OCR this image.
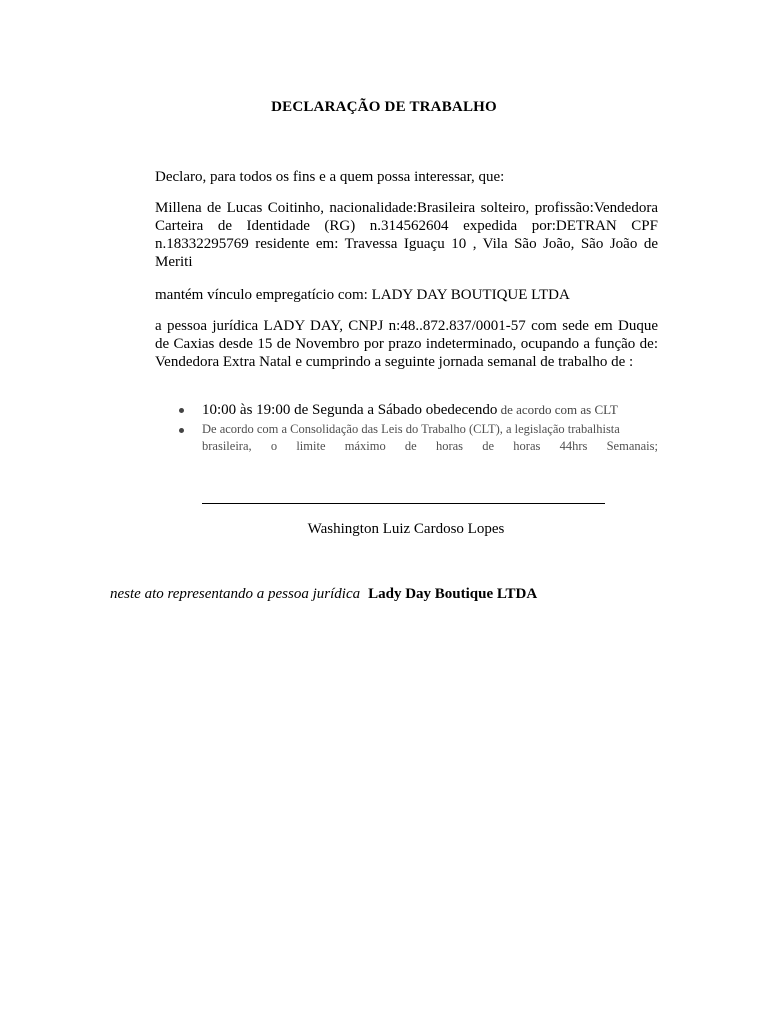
DECLARAÇÃO DE TRABALHO
Declaro, para todos os fins e a quem possa interessar, que:
Millena de Lucas Coitinho, nacionalidade:Brasileira solteiro, profissão:Vendedora Carteira de Identidade (RG) n.314562604 expedida por:DETRAN CPF n.18332295769 residente em: Travessa Iguaçu 10 , Vila São João, São João de Meriti
mantém vínculo empregatício com: LADY DAY BOUTIQUE LTDA
a pessoa jurídica LADY DAY, CNPJ n:48..872.837/0001-57 com sede em Duque de Caxias desde 15 de Novembro por prazo indeterminado, ocupando a função de: Vendedora Extra Natal e cumprindo a seguinte jornada semanal de trabalho de :
10:00 às 19:00 de Segunda a Sábado obedecendo de acordo com as CLT
De acordo com a Consolidação das Leis do Trabalho (CLT), a legislação trabalhista
brasileira, o limite máximo de horas de horas 44hrs Semanais;
Washington Luiz Cardoso Lopes
neste ato representando a pessoa jurídica Lady Day Boutique LTDA
